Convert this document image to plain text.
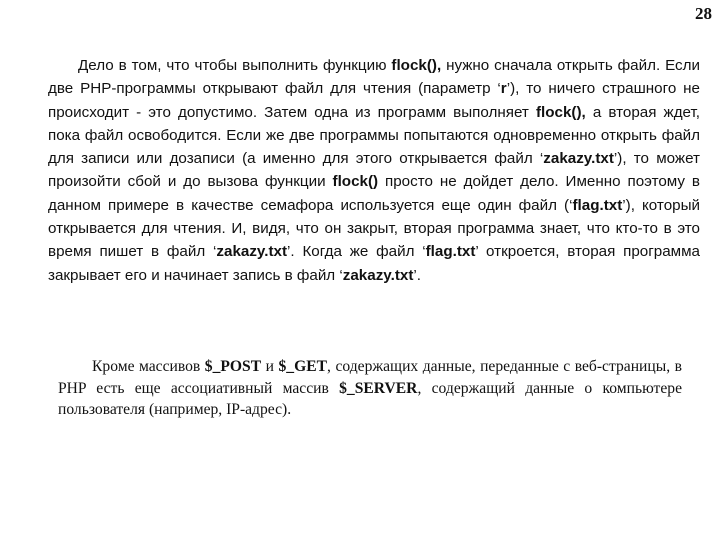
28

Дело в том, что чтобы выполнить функцию flock(), нужно сначала открыть файл. Если две PHP-программы открывают файл для чтения (параметр ‘r’), то ничего страшного не происходит - это допустимо. Затем одна из программ выполняет flock(), а вторая ждет, пока файл освободится. Если же две программы попытаются одновременно открыть файл для записи или дозаписи (а именно для этого открывается файл ‘zakazy.txt’), то может произойти сбой и до вызова функции flock() просто не дойдет дело. Именно поэтому в данном примере в качестве семафора используется еще один файл (‘flag.txt’), который открывается для чтения. И, видя, что он закрыт, вторая программа знает, что кто-то в это время пишет в файл ‘zakazy.txt’. Когда же файл ‘flag.txt’ откроется, вторая программа закрывает его и начинает запись в файл ‘zakazy.txt’.

Кроме массивов $_POST и $_GET, содержащих данные, переданные с веб-страницы, в PHP есть еще ассоциативный массив $_SERVER, содержащий данные о компьютере пользователя (например, IP-адрес).
